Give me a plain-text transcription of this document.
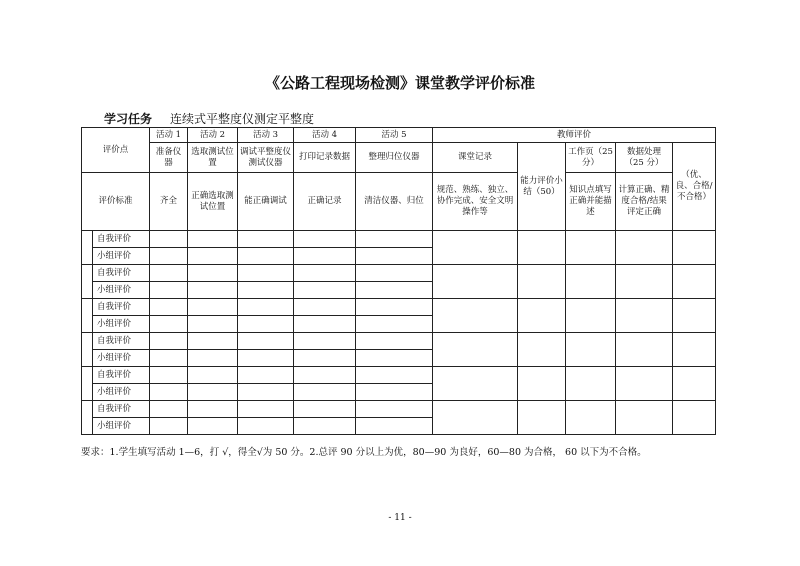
《公路工程现场检测》课堂教学评价标准
学习任务 连续式平整度仪测定平整度
评价点		活动 1	活动 2	活动 3	活动 4	活动 5	教师评价				
		准备仪器	选取测试位置	调试平整度仪测试仪器	打印记录数据	整理归位仪器	课堂记录	能力评价小结（50）	工作页（25 分）	数据处理（25 分）	（优、良、合格/不合格）
评价标准		齐全	正确选取测试位置	能正确调试	正确记录	清洁仪器、归位	规范、熟练、独立、协作完成、安全文明操作等		知识点填写正确并能描述	计算正确、精度合格/结果评定正确	
	自我评价										
	小组评价										
	自我评价										
	小组评价										
	自我评价										
	小组评价										
	自我评价										
	小组评价										
	自我评价										
	小组评价										
	自我评价										
	小组评价										
要求：1.学生填写活动 1—6，打 √，得全√为 50 分。2.总评 90 分以上为优，80—90 为良好，60—80 为合格， 60 以下为不合格。
- 11 -
